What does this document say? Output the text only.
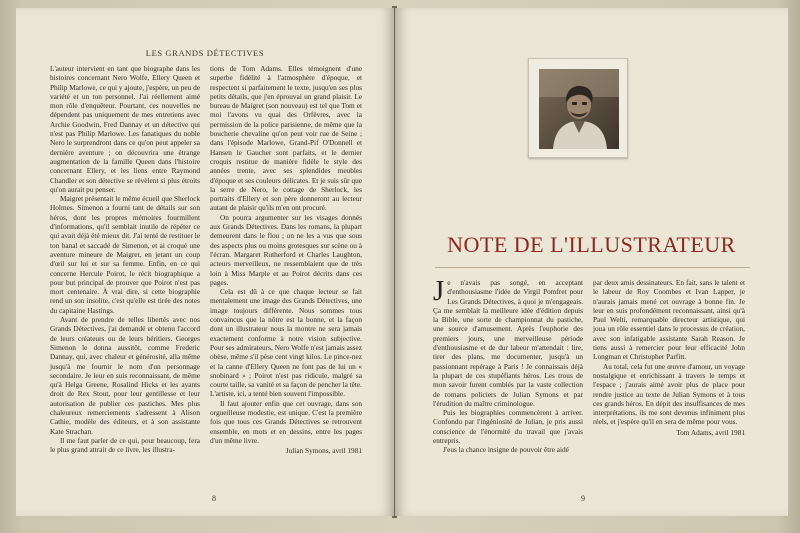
LES GRANDS DÉTECTIVES

L'auteur intervient en tant que biographe dans les histoires concernant Nero Wolfe, Ellery Queen et Philip Marlowe, ce qui y ajoute, j'espère, un peu de variété et un ton personnel. J'ai réellement aimé mon rôle d'enquêteur. Pourtant, ces nouvelles ne dépendent pas uniquement de mes entretiens avec Archie Goodwin, Fred Dannay et un détective qui n'est pas Philip Marlowe. Les fanatiques du noble Nero le surprendront dans ce qu'on peut appeler sa dernière aventure ; on découvrira une étrange augmentation de la famille Queen dans l'histoire concernant Ellery, et les liens entre Raymond Chandler et son détective se révèlent si plus étroits qu'on aurait pu penser.

Maigret présentait le même écueil que Sherlock Holmes. Simenon a fourni tant de détails sur son héros, dont les propres mémoires fourmillent d'informations, qu'il semblait inutile de répéter ce qui avait déjà été mieux dit. J'ai tenté de restituer le ton banal et saccadé de Simenon, et ai croqué une aventure mineure de Maigret, en jetant un coup d'œil sur lui et sur sa femme. Enfin, en ce qui concerne Hercule Poirot, le récit biographique a pour but principal de prouver que Poirot n'est pas mort centenaire. À vrai dire, si cette biographie rend un son insolite, c'est qu'elle est tirée des notes du capitaine Hastings.

Avant de prendre de telles libertés avec nos Grands Détectives, j'ai demandé et obtenu l'accord de leurs créateurs ou de leurs héritiers. Georges Simenon le donna aussitôt, comme Frederic Dannay, qui, avec chaleur et générosité, alla même jusqu'à me fournir le nom d'un personnage secondaire. Je leur en suis reconnaissant, de même qu'à Helga Greene, Rosalind Hicks et les ayants droit de Rex Stout, pour leur gentillesse et leur autorisation de publier ces pastiches. Mes plus chaleureux remerciements s'adressent à Alison Cathie, modèle des éditeurs, et à son assistante Kate Strachan.

Il me faut parler de ce qui, pour beaucoup, fera le plus grand attrait de ce livre, les illustra-

tions de Tom Adams. Elles témoignent d'une superbe fidélité à l'atmosphère d'époque, et respectent si parfaitement le texte, jusqu'en ses plus petits détails, que j'en éprouvai un grand plaisir. Le bureau de Maigret (son nouveau) est tel que Tom et moi l'avons vu quai des Orfèvres, avec la permission de la police parisienne, de même que la boucherie chevaline qu'on peut voir rue de Seine ; dans l'épisode Marlowe, Grand-Pif O'Donnell et Hansen le Gaucher sont parfaits, et le dernier croquis restitue de manière fidèle le style des années trente, avec ses splendides meubles d'époque et ses couleurs délicates. Et je suis sûr que la serre de Nero, le cottage de Sherlock, les portraits d'Ellery et son père donneront au lecteur autant de plaisir qu'ils m'en ont procuré.

On pourra argumenter sur les visages donnés aux Grands Détectives. Dans les romans, la plupart demeurent dans le flou ; on ne les a vus que sous des aspects plus ou moins grotesques sur scène ou à l'écran. Margaret Rutherford et Charles Laughton, acteurs merveilleux, ne ressemblaient que de très loin à Miss Marple et au Poirot décrits dans ces pages.

Cela est dû à ce que chaque lecteur se fait mentalement une image des Grands Détectives, une image toujours différente. Nous sommes tous convaincus que la nôtre est la bonne, et la façon dont un illustrateur nous la montre ne sera jamais exactement conforme à notre vision subjective. Pour ses admirateurs, Nero Wolfe n'est jamais assez obèse, même s'il pèse cent vingt kilos. Le pince-nez et la canne d'Ellery Queen ne font pas de lui un « snobinard » ; Poirot n'est pas ridicule, malgré sa courte taille, sa vanité et sa façon de pencher la tête. L'artiste, ici, a tenté bien souvent l'impossible.

Il faut ajouter enfin que cet ouvrage, dans son orgueilleuse modestie, est unique. C'est la première fois que tous ces Grands Détectives se retrouvent ensemble, en mots et en dessins, entre les pages d'un même livre.

Julian Symons, avril 1981
8
NOTE DE L'ILLUSTRATEUR

Je n'avais pas songé, en acceptant d'enthousiasme l'idée de Virgil Pomfret pour Les Grands Détectives, à quoi je m'engageais. Ça me semblait la meilleure idée d'édition depuis la Bible, une sorte de championnat du pastiche, une source d'amusement. Après l'euphorie des premiers jours, une merveilleuse période d'enthousiasme et de dur labeur m'attendait : lire, tirer des plans, me documenter, jusqu'à un passionnant repérage à Paris ! Je connaissais déjà la plupart de ces stupéfiants héros. Les trous de mon savoir furent comblés par la vaste collection de romans policiers de Julian Symons et par l'érudition du maître criminologue.

Puis les biographies commencèrent à arriver. Confondu par l'ingéniosité de Julian, je pris aussi conscience de l'énormité du travail que j'avais entrepris.

J'eus la chance insigne de pouvoir être aidé

par deux amis dessinateurs. En fait, sans le talent et le labeur de Roy Coombes et Ivan Lapper, je n'aurais jamais mené cet ouvrage à bonne fin. Je leur en suis profondément reconnaissant, ainsi qu'à Paul Welti, remarquable directeur artistique, qui joua un rôle essentiel dans le processus de création, avec son infatigable assistante Sarah Reason. Je tiens aussi à remercier pour leur efficacité John Longman et Christopher Parfitt.

Au total, cela fut une œuvre d'amour, un voyage nostalgique et enrichissant à travers le temps et l'espace ; j'aurais aimé avoir plus de place pour rendre justice au texte de Julian Symons et à tous ces grands héros. En dépit des insuffisances de mes interprétations, ils me sont devenus infiniment plus réels, et j'espère qu'il en sera de même pour vous.

Tom Adams, avril 1981
9
